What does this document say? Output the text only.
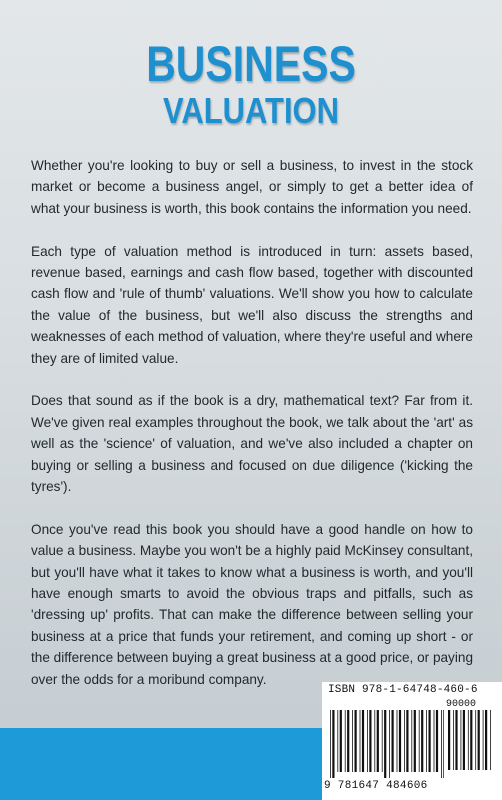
BUSINESS
VALUATION

Whether you're looking to buy or sell a business, to invest in the stock market or become a business angel, or simply to get a better idea of what your business is worth, this book contains the information you need.

Each type of valuation method is introduced in turn: assets based, revenue based, earnings and cash flow based, together with discounted cash flow and 'rule of thumb' valuations. We'll show you how to calculate the value of the business, but we'll also discuss the strengths and weaknesses of each method of valuation, where they're useful and where they are of limited value.

Does that sound as if the book is a dry, mathematical text? Far from it. We've given real examples throughout the book, we talk about the 'art' as well as the 'science' of valuation, and we've also included a chapter on buying or selling a business and focused on due diligence ('kicking the tyres').

Once you've read this book you should have a good handle on how to value a business. Maybe you won't be a highly paid McKinsey consultant, but you'll have what it takes to know what a business is worth, and you'll have enough smarts to avoid the obvious traps and pitfalls, such as 'dressing up' profits. That can make the difference between selling your business at a price that funds your retirement, and coming up short - or the difference between buying a great business at a good price, or paying over the odds for a moribund company.

ISBN 978-1-64748-460-6
90000
9 781647 484606
